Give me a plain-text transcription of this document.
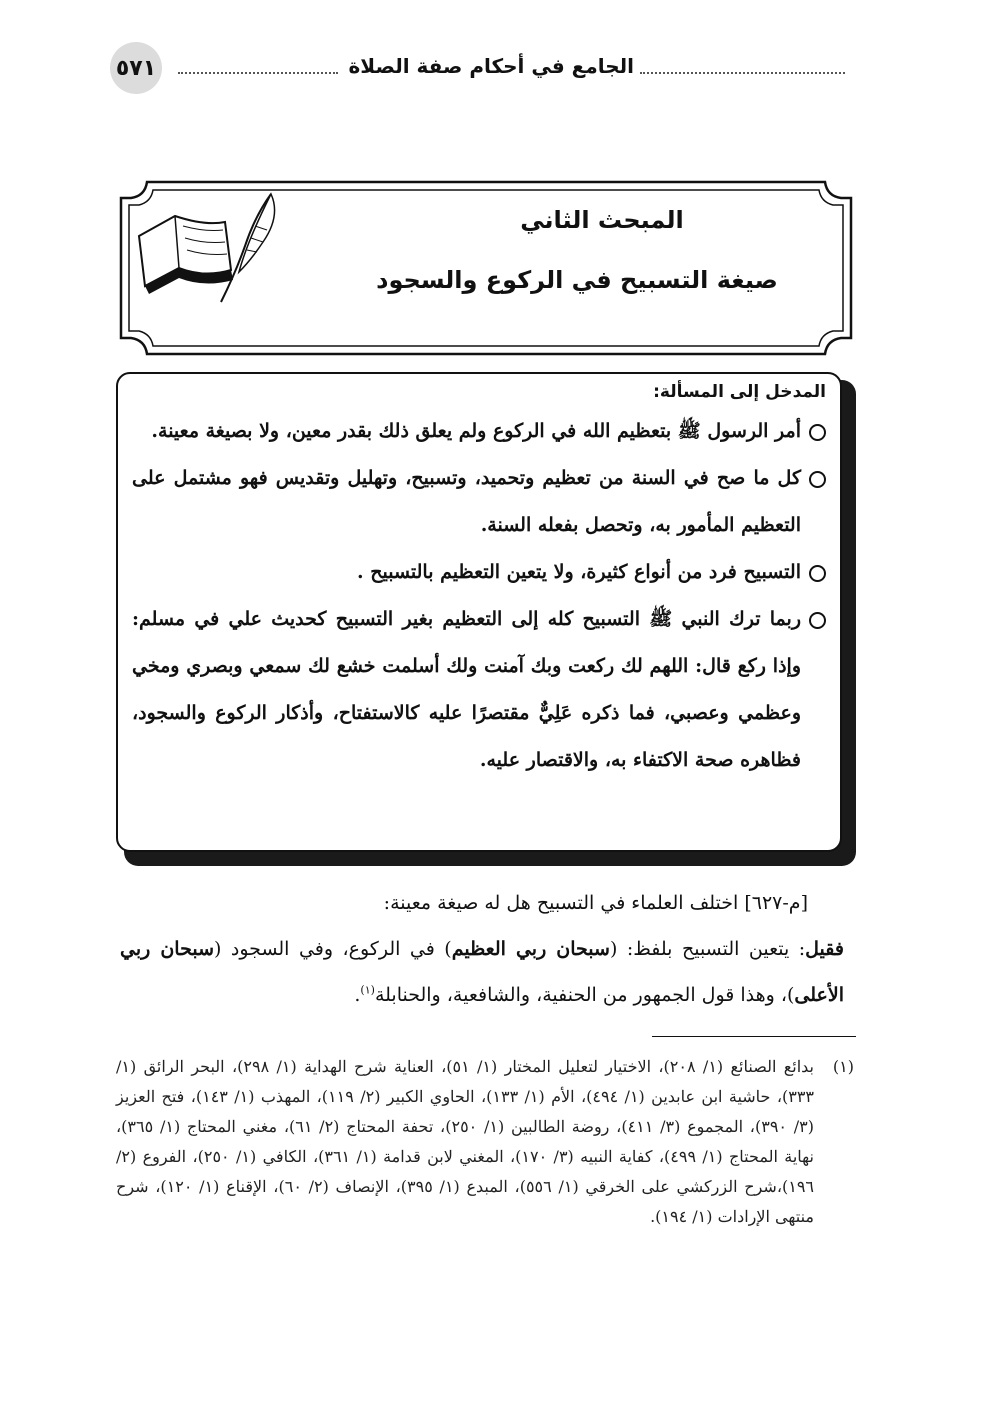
٥٧١	الجامع في أحكام صفة الصلاة
المبحث الثاني
صيغة التسبيح في الركوع والسجود
المدخل إلى المسألة:
أمر الرسول ﷺ بتعظيم الله في الركوع ولم يعلق ذلك بقدر معين، ولا بصيغة معينة.
كل ما صح في السنة من تعظيم وتحميد، وتسبيح، وتهليل وتقديس فهو مشتمل على التعظيم المأمور به، وتحصل بفعله السنة.
التسبيح فرد من أنواع كثيرة، ولا يتعين التعظيم بالتسبيح .
ربما ترك النبي ﷺ التسبيح كله إلى التعظيم بغير التسبيح كحديث علي في مسلم: وإذا ركع قال: اللهم لك ركعت وبك آمنت ولك أسلمت خشع لك سمعي وبصري ومخي وعظمي وعصبي، فما ذكره عَلِيٌّ مقتصرًا عليه كالاستفتاح، وأذكار الركوع والسجود، فظاهره صحة الاكتفاء به، والاقتصار عليه.

[م-٦٢٧] اختلف العلماء في التسبيح هل له صيغة معينة:

فقيل: يتعين التسبيح بلفظ: (سبحان ربي العظيم) في الركوع، وفي السجود (سبحان ربي الأعلى)، وهذا قول الجمهور من الحنفية، والشافعية، والحنابلة$^{(١)}$.

(١)
بدائع الصنائع (١/ ٢٠٨)، الاختيار لتعليل المختار (١/ ٥١)، العناية شرح الهداية (١/ ٢٩٨)، البحر الرائق (١/ ٣٣٣)، حاشية ابن عابدين (١/ ٤٩٤)، الأم (١/ ١٣٣)، الحاوي الكبير (٢/ ١١٩)، المهذب (١/ ١٤٣)، فتح العزيز (٣/ ٣٩٠)، المجموع (٣/ ٤١١)، روضة الطالبين (١/ ٢٥٠)، تحفة المحتاج (٢/ ٦١)، مغني المحتاج (١/ ٣٦٥)، نهاية المحتاج (١/ ٤٩٩)، كفاية النبيه (٣/ ١٧٠)، المغني لابن قدامة (١/ ٣٦١)، الكافي (١/ ٢٥٠)، الفروع (٢/ ١٩٦)،شرح الزركشي على الخرقي (١/ ٥٥٦)، المبدع (١/ ٣٩٥)، الإنصاف (٢/ ٦٠)، الإقناع (١/ ١٢٠)، شرح منتهى الإرادات (١/ ١٩٤).
